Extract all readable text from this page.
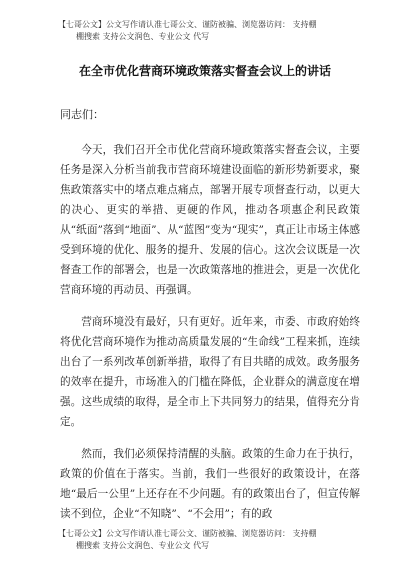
【七哥公文】公文写作请认准七哥公文、谨防被骗、浏览器访问： 支持棚
棚搜索 支持公文润色、专业公文 代写
在全市优化营商环境政策落实督查会议上的讲话
同志们：

今天，我们召开全市优化营商环境政策落实督查会议，主要任务是深入分析当前我市营商环境建设面临的新形势新要求，聚焦政策落实中的堵点难点痛点，部署开展专项督查行动，以更大的决心、更实的举措、更硬的作风，推动各项惠企利民政策从“纸面”落到“地面”、从“蓝图”变为“现实”，真正让市场主体感受到环境的优化、服务的提升、发展的信心。这次会议既是一次督查工作的部署会，也是一次政策落地的推进会，更是一次优化营商环境的再动员、再强调。

营商环境没有最好，只有更好。近年来，市委、市政府始终将优化营商环境作为推动高质量发展的“生命线”工程来抓，连续出台了一系列改革创新举措，取得了有目共睹的成效。政务服务的效率在提升，市场准入的门槛在降低，企业群众的满意度在增强。这些成绩的取得，是全市上下共同努力的结果，值得充分肯定。

然而，我们必须保持清醒的头脑。政策的生命力在于执行，政策的价值在于落实。当前，我们一些很好的政策设计，在落地“最后一公里”上还存在不少问题。有的政策出台了，但宣传解读不到位，企业“不知晓”、“不会用”；有的政

【七哥公文】公文写作请认准七哥公文、谨防被骗、浏览器访问： 支持棚
棚搜索 支持公文润色、专业公文 代写
